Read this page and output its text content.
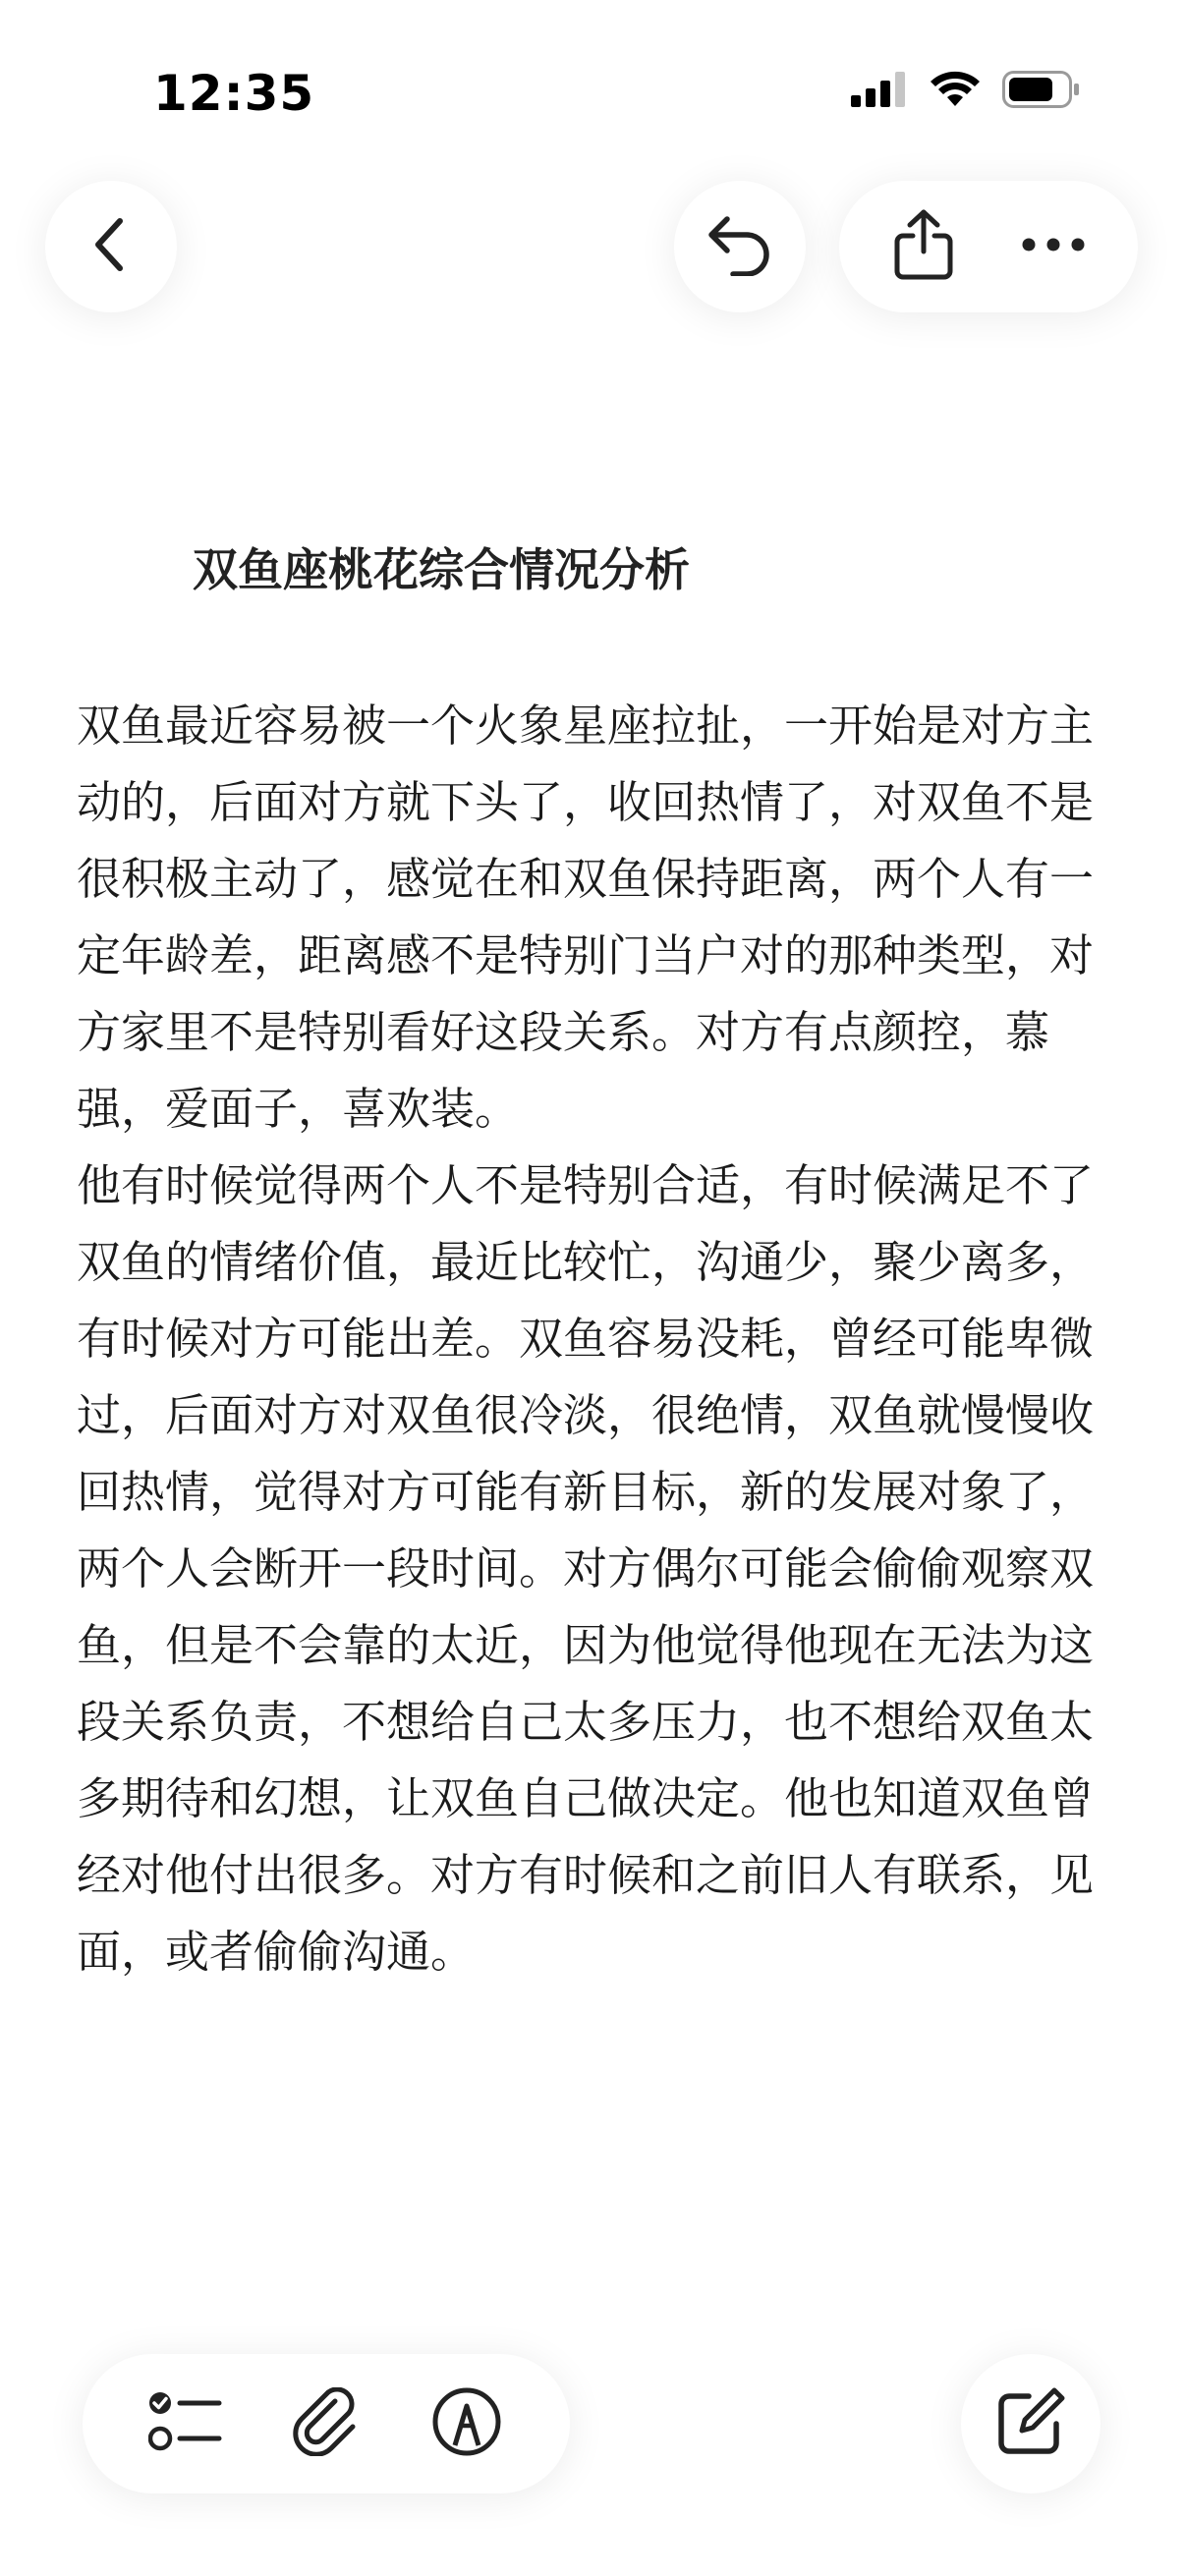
12:35
双鱼座桃花综合情况分析

双鱼最近容易被一个火象星座拉扯，一开始是对方主动的，后面对方就下头了，收回热情了，对双鱼不是很积极主动了，感觉在和双鱼保持距离，两个人有一定年龄差，距离感不是特别门当户对的那种类型，对方家里不是特别看好这段关系。对方有点颜控，慕强，爱面子，喜欢装。

他有时候觉得两个人不是特别合适，有时候满足不了双鱼的情绪价值，最近比较忙，沟通少，聚少离多，有时候对方可能出差。双鱼容易没耗，曾经可能卑微过，后面对方对双鱼很冷淡，很绝情，双鱼就慢慢收回热情，觉得对方可能有新目标，新的发展对象了，两个人会断开一段时间。对方偶尔可能会偷偷观察双鱼，但是不会靠的太近，因为他觉得他现在无法为这段关系负责，不想给自己太多压力，也不想给双鱼太多期待和幻想，让双鱼自己做决定。他也知道双鱼曾经对他付出很多。对方有时候和之前旧人有联系，见面，或者偷偷沟通。
